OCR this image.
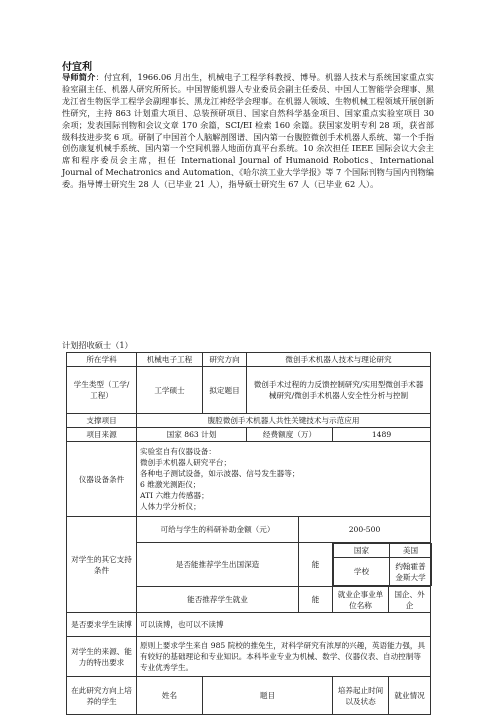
付宜利
导师简介：付宜利，1966.06 月出生，机械电子工程学科教授、博导。机器人技术与系统国家重点实验室副主任、机器人研究所所长。中国智能机器人专业委员会副主任委员、中国人工智能学会理事、黑龙江省生物医学工程学会副理事长、黑龙江神经学会理事。在机器人领域、生物机械工程领域开展创新性研究，主持 863 计划重大项目、总装预研项目、国家自然科学基金项目、国家重点实验室项目 30 余项；发表国际刊物和会议文章 170 余篇，SCI/EI 检索 160 余篇。获国家发明专利 28 项，获省部级科技进步奖 6 项。研制了中国首个人脑解剖图谱、国内第一台腹腔微创手术机器人系统、第一个手指创伤康复机械手系统、国内第一个空间机器人地面仿真平台系统。10 余次担任 IEEE 国际会议大会主席和程序委员会主席，担任 International Journal of Humanoid Robotics、International Journal of Mechatronics and Automation、《哈尔滨工业大学学报》等 7 个国际刊物与国内刊物编委。指导博士研究生 28 人（已毕业 21 人），指导硕士研究生 67 人（已毕业 62 人）。
计划招收硕士（1）
所在学科	机械电子工程	研究方向	微创手术机器人技术与理论研究
学生类型（工学/工程）	工学硕士	拟定题目	微创手术过程的力反馈控制研究/实用型微创手术器械研究/微创手术机器人安全性分析与控制
支撑项目	腹腔微创手术机器人共性关键技术与示范应用
项目来源	国家 863 计划	经费额度（万）	1489
仪器设备条件	
实验室自有仪器设备：
微创手术机器人研究平台；
各种电子测试设备，如示波器、信号发生器等；
6 维激光测距仪；
ATI 六维力传感器；
人体力学分析仪；

对学生的其它支持条件	可给与学生的科研补助金额（元）	200-500
是否能推荐学生出国深造	能	
国家	美国
学校	约翰霍普金斯大学

能否推荐学生就业	能	就业企事业单位名称	国企、外企
是否要求学生读博	可以读博，也可以不读博
对学生的来源、能力的特出要求	原则上要求学生来自 985 院校的推免生，对科学研究有浓厚的兴趣，英语能力强，具有较好的基础理论和专业知识。本科毕业专业为机械、数学、仪器仪表、自动控制等专业优秀学生。
在此研究方向上培养的学生	姓名	题目	培养起止时间以及状态	就业情况
